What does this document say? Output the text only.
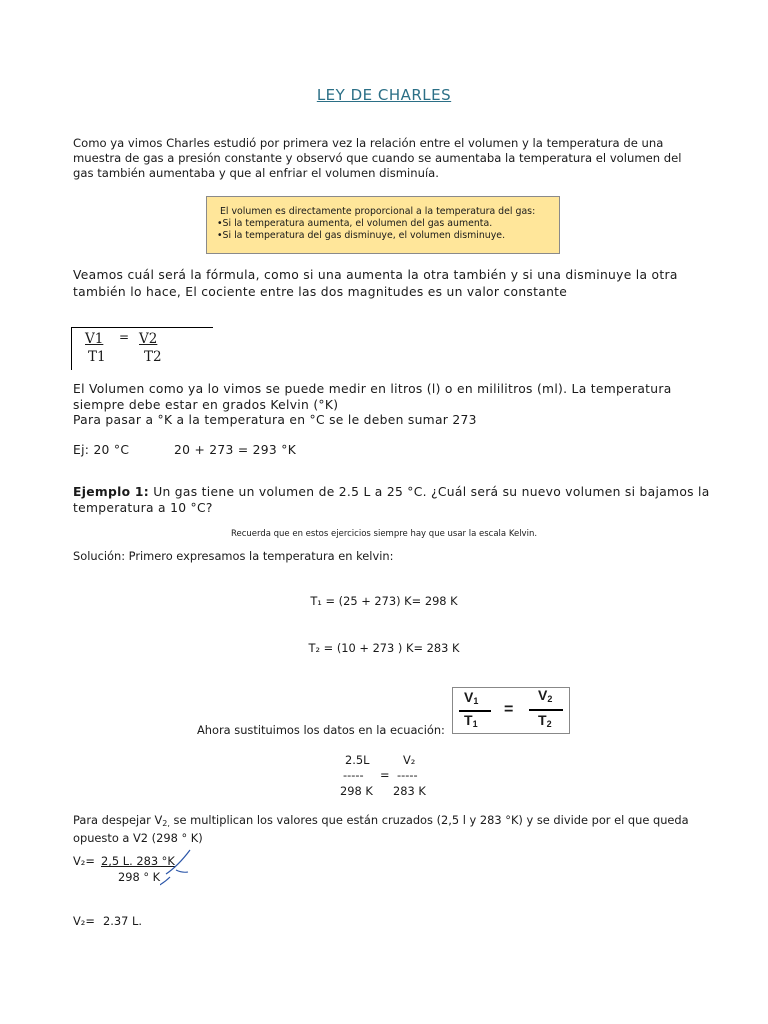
LEY DE CHARLES
Como ya vimos Charles estudió por primera vez la relación entre el volumen y la temperatura de una muestra de gas a presión constante y observó que cuando se aumentaba la temperatura el volumen del gas también aumentaba y que al enfriar el volumen disminuía.
El volumen es directamente proporcional a la temperatura del gas:
•Si la temperatura aumenta, el volumen del gas aumenta.
•Si la temperatura del gas disminuye, el volumen disminuye.
Veamos cuál será la fórmula, como si una aumenta la otra también y si una disminuye la otra también lo hace, El cociente entre las dos magnitudes es un valor constante
V1 = V2
T1	T2
El Volumen como ya lo vimos se puede medir en litros (l) o en mililitros (ml). La temperatura siempre debe estar en grados Kelvin (°K)
Para pasar a °K a la temperatura en °C se le deben sumar 273
Ej: 20 °C	20 + 273 = 293 °K
Ejemplo 1: Un gas tiene un volumen de 2.5 L a 25 °C. ¿Cuál será su nuevo volumen si bajamos la temperatura a 10 °C?
Recuerda que en estos ejercicios siempre hay que usar la escala Kelvin.
Solución: Primero expresamos la temperatura en kelvin:
T₁ = (25 + 273) K= 298 K
T₂ = (10 + 273 ) K= 283 K
Ahora sustituimos los datos en la ecuación:
$V_1$
$T_1$
=
$V_2$
$T_2$
2.5L	V₂
----- = -----
298 K 283 K
Para despejar V2, se multiplican los valores que están cruzados (2,5 l y 283 °K) y se divide por el que queda opuesto a V2 (298 ° K)
V₂= 2,5 L. 283 °K
298 ° K
V₂= 2.37 L.
